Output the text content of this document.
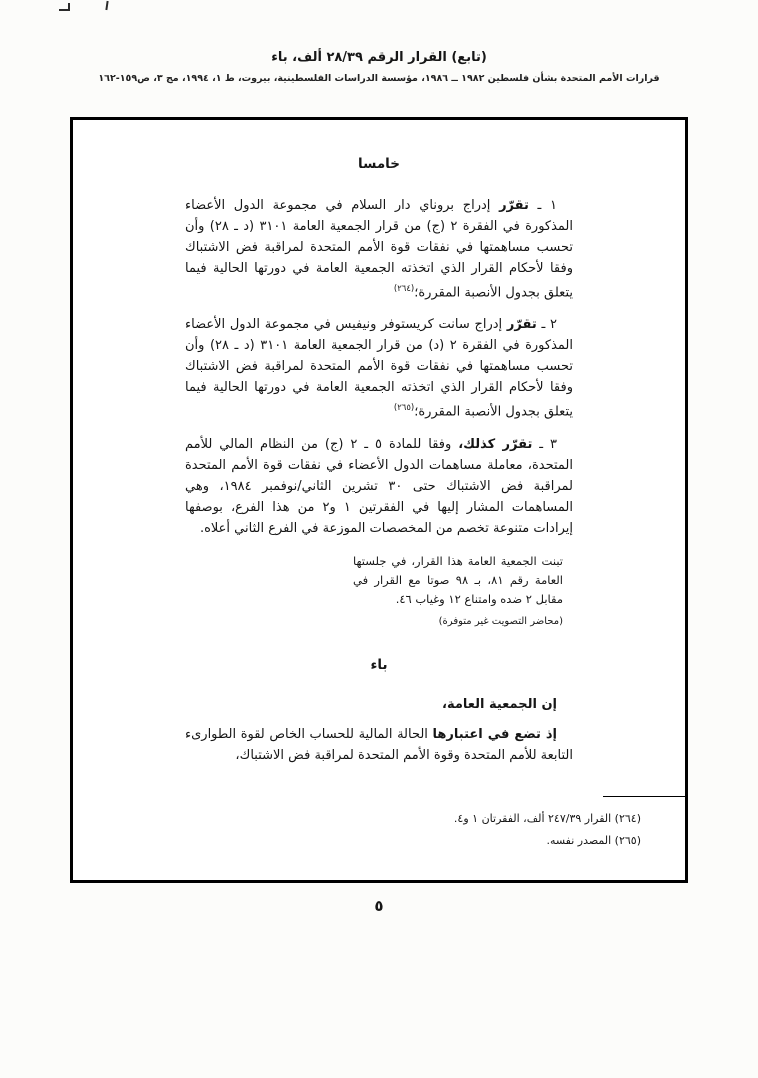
(تابع) القرار الرقم ٢٨/٣٩ ألف، باء
قرارات الأمم المتحدة بشأن فلسطين ١٩٨٢ ــ ١٩٨٦، مؤسسة الدراسات الفلسطينية، بيروت، ط ١، ١٩٩٤، مج ٣، ص١٥٩-١٦٢
خامسا

١ ـ تقرّر إدراج بروناي دار السلام في مجموعة الدول الأعضاء المذكورة في الفقرة ٢ (ج) من قرار الجمعية العامة ٣١٠١ (د ـ ٢٨) وأن تحسب مساهمتها في نفقات قوة الأمم المتحدة لمراقبة فض الاشتباك وفقا لأحكام القرار الذي اتخذته الجمعية العامة في دورتها الحالية فيما يتعلق بجدول الأنصبة المقررة؛$^{(٢٦٤)}$

٢ ـ تقرّر إدراج سانت كريستوفر ونيفيس في مجموعة الدول الأعضاء المذكورة في الفقرة ٢ (د) من قرار الجمعية العامة ٣١٠١ (د ـ ٢٨) وأن تحسب مساهمتها في نفقات قوة الأمم المتحدة لمراقبة فض الاشتباك وفقا لأحكام القرار الذي اتخذته الجمعية العامة في دورتها الحالية فيما يتعلق بجدول الأنصبة المقررة؛$^{(٢٦٥)}$

٣ ـ تقرّر كذلك، وفقا للمادة ٥ ـ ٢ (ج) من النظام المالي للأمم المتحدة، معاملة مساهمات الدول الأعضاء في نفقات قوة الأمم المتحدة لمراقبة فض الاشتباك حتى ٣٠ تشرين الثاني/نوفمبر ١٩٨٤، وهي المساهمات المشار إليها في الفقرتين ١ و٢ من هذا الفرع، بوصفها إيرادات متنوعة تخصم من المخصصات الموزعة في الفرع الثاني أعلاه.

تبنت الجمعية العامة هذا القرار، في جلستها العامة رقم ٨١، بـ ٩٨ صوتا مع القرار في مقابل ٢ ضده وامتناع ١٢ وغياب ٤٦.
(محاضر التصويت غير متوفرة)
باء

إن الجمعية العامة،

إذ تضع في اعتبارها الحالة المالية للحساب الخاص لقوة الطوارىء التابعة للأمم المتحدة وقوة الأمم المتحدة لمراقبة فض الاشتباك،

(٢٦٤) القرار ٢٤٧/٣٩ ألف، الفقرتان ١ و٤.
(٢٦٥) المصدر نفسه.
٥
